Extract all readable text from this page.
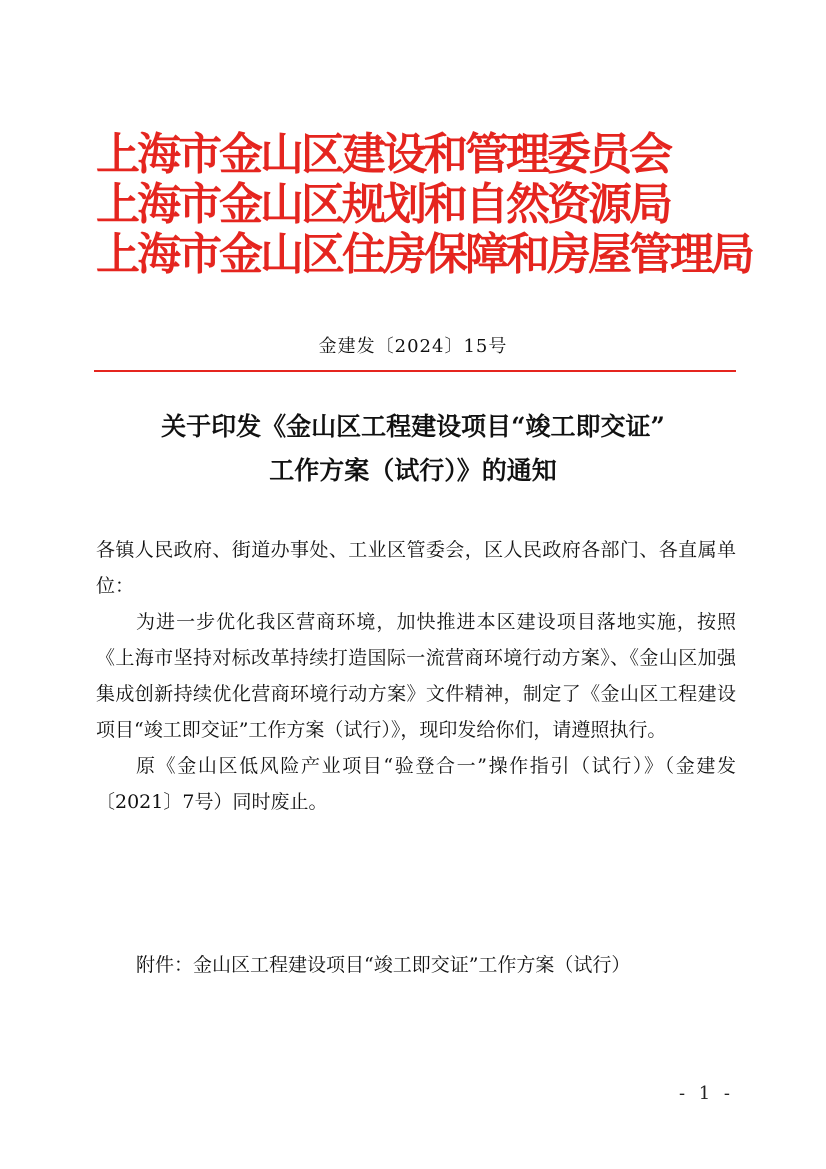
上海市金山区建设和管理委员会
上海市金山区规划和自然资源局
上海市金山区住房保障和房屋管理局
金建发〔2024〕15号
关于印发《金山区工程建设项目“竣工即交证”
工作方案（试行）》的通知

各镇人民政府、街道办事处、工业区管委会，区人民政府各部门、各直属单位：

为进一步优化我区营商环境，加快推进本区建设项目落地实施，按照《上海市坚持对标改革持续打造国际一流营商环境行动方案》、《金山区加强集成创新持续优化营商环境行动方案》文件精神，制定了《金山区工程建设项目“竣工即交证”工作方案（试行）》，现印发给你们，请遵照执行。

原《金山区低风险产业项目“验登合一”操作指引（试行）》（金建发〔2021〕7号）同时废止。

附件：金山区工程建设项目“竣工即交证”工作方案（试行）
- 1 -
